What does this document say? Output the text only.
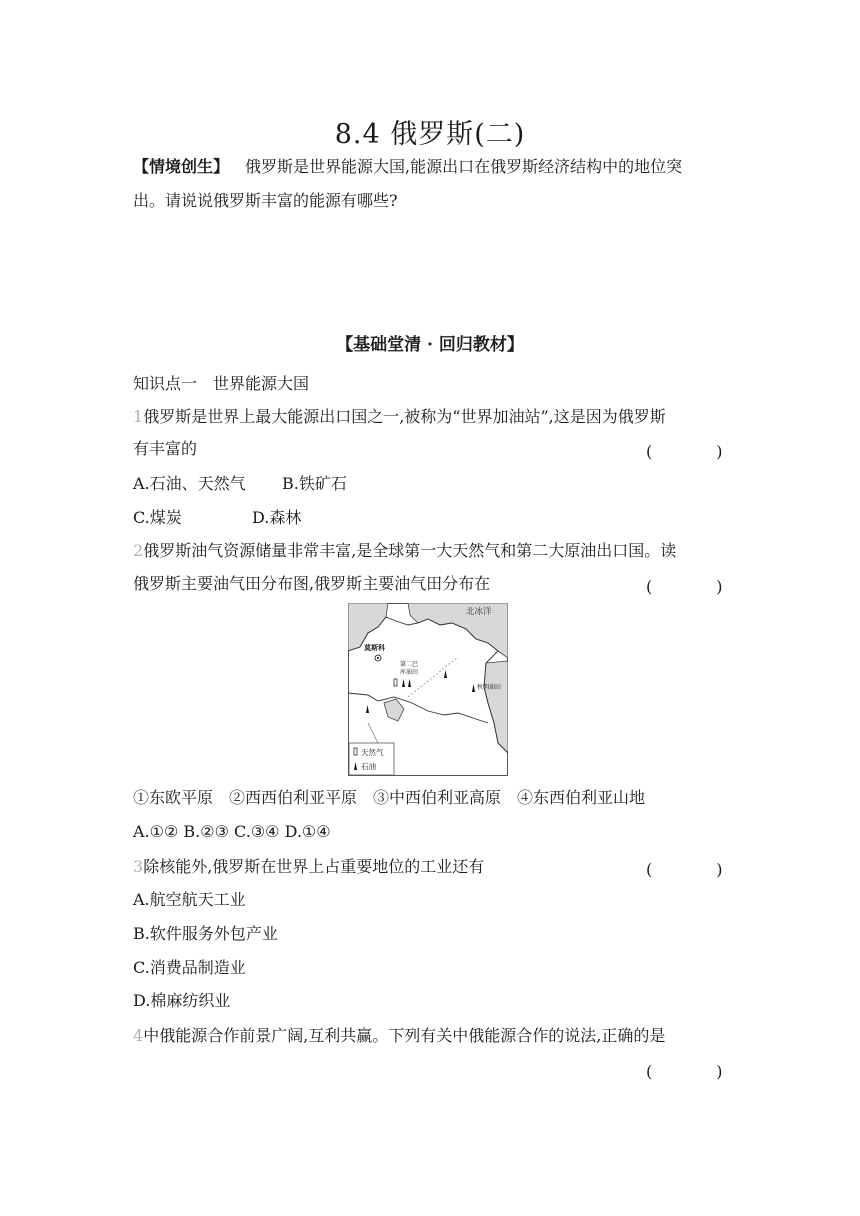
8.4 俄罗斯(二)
【情境创生】 俄罗斯是世界能源大国,能源出口在俄罗斯经济结构中的地位突
出。请说说俄罗斯丰富的能源有哪些?
【基础堂清 · 回归教材】
知识点一　世界能源大国
1俄罗斯是世界上最大能源出口国之一,被称为“世界加油站”,这是因为俄罗斯
有丰富的	(　　　　)
A.石油、天然气 B.铁矿石
C.煤炭	D.森林
2俄罗斯油气资源储量非常丰富,是全球第一大天然气和第二大原油出口国。读
俄罗斯主要油气田分布图,俄罗斯主要油气田分布在	(　　　　)
北冰洋
莫斯科
第二巴
库油田
秋明油田
天然气
石油
①东欧平原　②西西伯利亚平原　③中西伯利亚高原　④东西伯利亚山地
A.①② B.②③ C.③④ D.①④
3除核能外,俄罗斯在世界上占重要地位的工业还有	(　　　　)
A.航空航天工业
B.软件服务外包产业
C.消费品制造业
D.棉麻纺织业
4中俄能源合作前景广阔,互利共赢。下列有关中俄能源合作的说法,正确的是
(　　　　)
